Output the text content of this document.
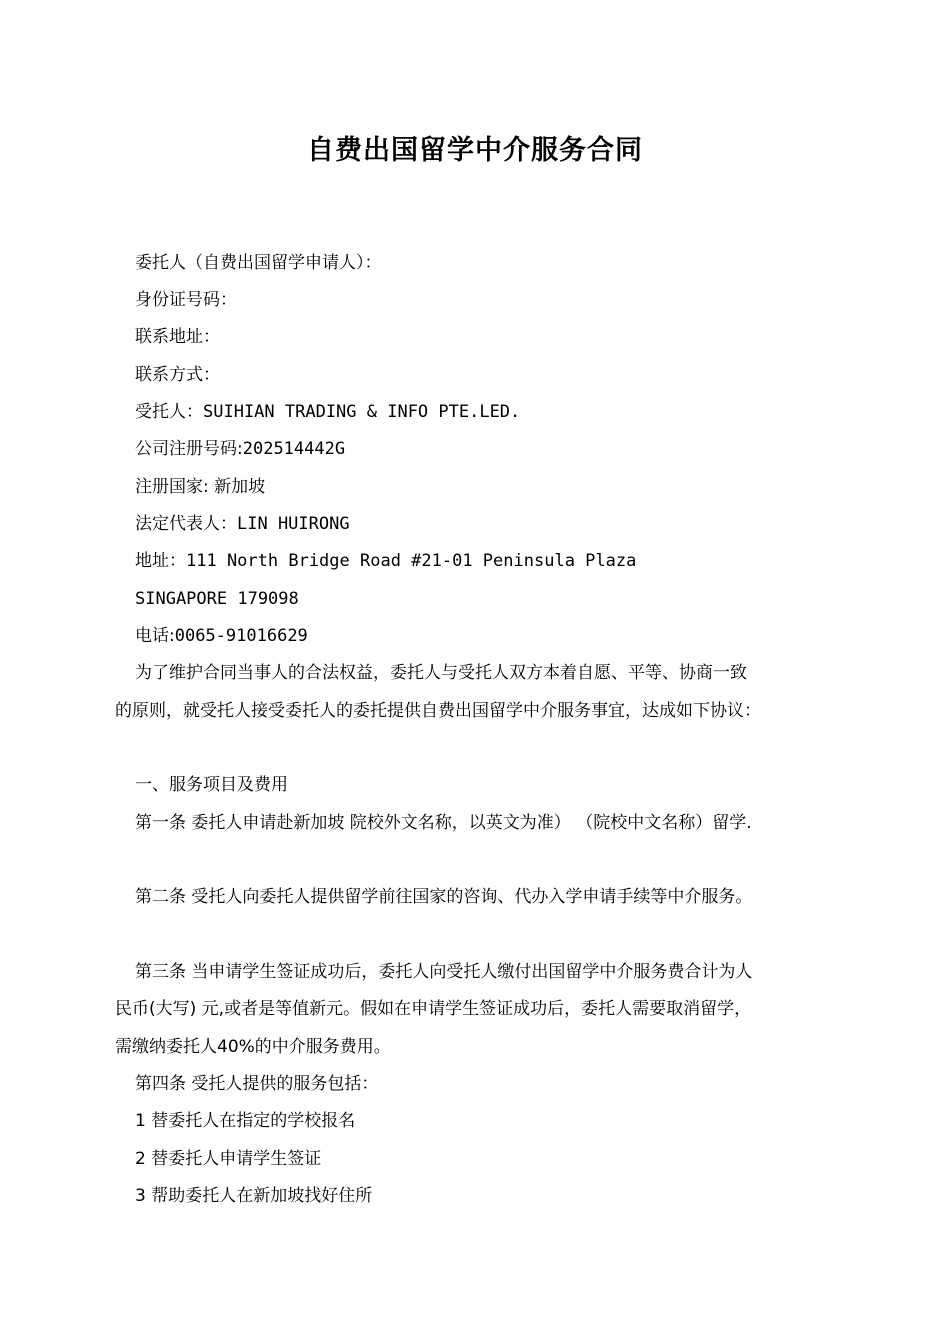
自费出国留学中介服务合同
委托人（自费出国留学申请人）：
身份证号码：
联系地址：
联系方式：
受托人：SUIHIAN TRADING & INFO PTE.LED.
公司注册号码:202514442G
注册国家: 新加坡
法定代表人：LIN HUIRONG
地址：111 North Bridge Road #21-01 Peninsula Plaza
SINGAPORE 179098
电话:0065-91016629
为了维护合同当事人的合法权益，委托人与受托人双方本着自愿、平等、协商一致
的原则，就受托人接受委托人的委托提供自费出国留学中介服务事宜，达成如下协议：
一、服务项目及费用
第一条 委托人申请赴新加坡 院校外文名称，以英文为准） （院校中文名称）留学.
第二条 受托人向委托人提供留学前往国家的咨询、代办入学申请手续等中介服务。
第三条 当申请学生签证成功后，委托人向受托人缴付出国留学中介服务费合计为人
民币(大写) 元,或者是等值新元。假如在申请学生签证成功后，委托人需要取消留学，
需缴纳委托人40%的中介服务费用。
第四条 受托人提供的服务包括：
1 替委托人在指定的学校报名
2 替委托人申请学生签证
3 帮助委托人在新加坡找好住所
